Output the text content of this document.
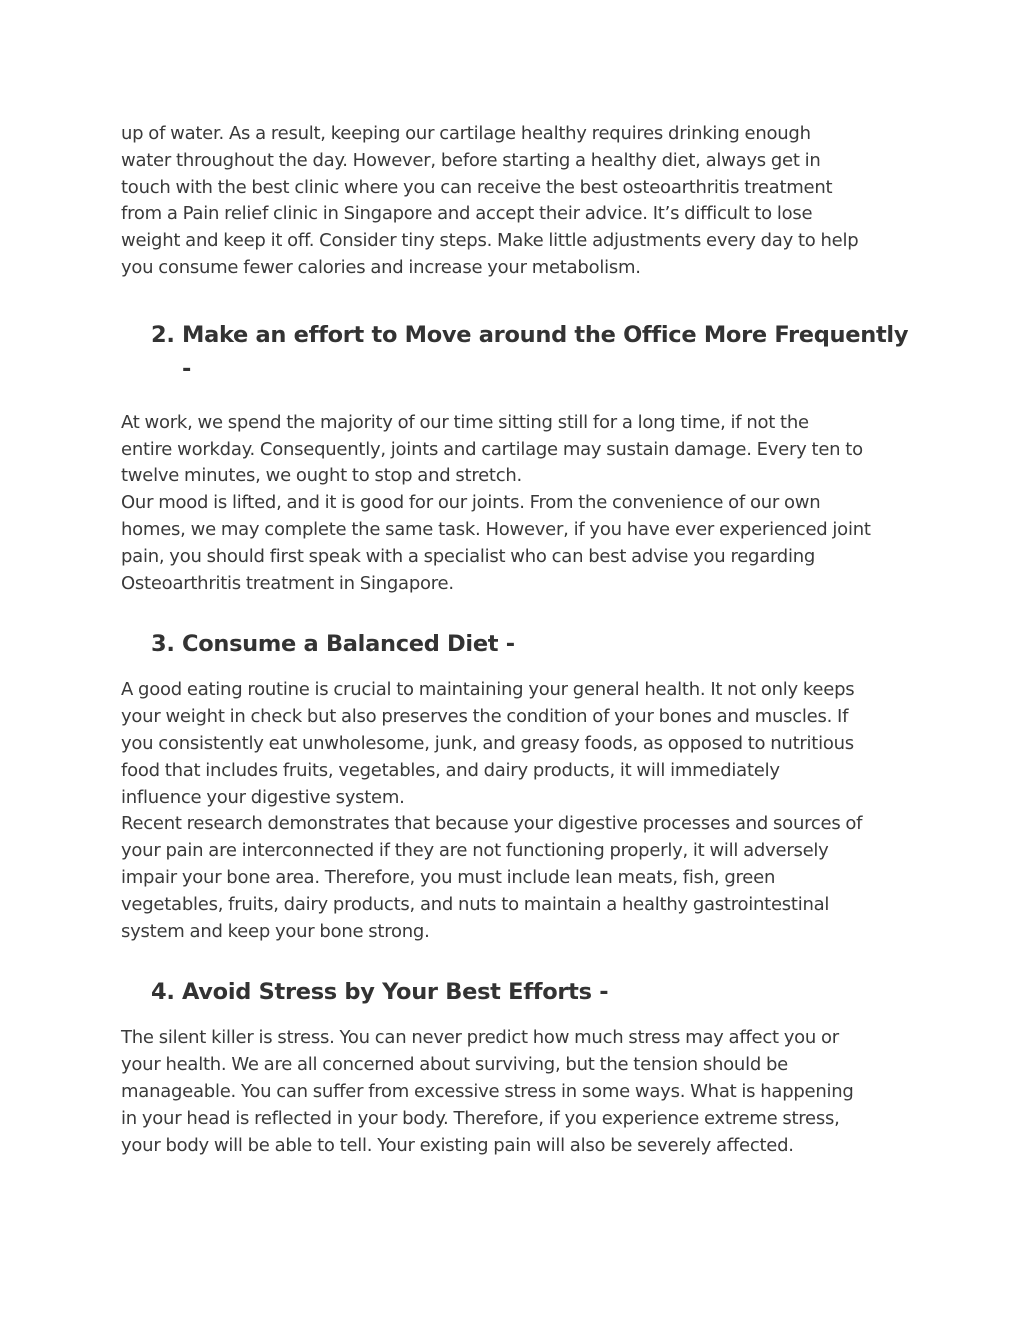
up of water. As a result, keeping our cartilage healthy requires drinking enough
water throughout the day. However, before starting a healthy diet, always get in
touch with the best clinic where you can receive the best osteoarthritis treatment
from a Pain relief clinic in Singapore and accept their advice. It’s difficult to lose
weight and keep it off. Consider tiny steps. Make little adjustments every day to help
you consume fewer calories and increase your metabolism.

2. Make an effort to Move around the Office More Frequently
-

At work, we spend the majority of our time sitting still for a long time, if not the
entire workday. Consequently, joints and cartilage may sustain damage. Every ten to
twelve minutes, we ought to stop and stretch.
Our mood is lifted, and it is good for our joints. From the convenience of our own
homes, we may complete the same task. However, if you have ever experienced joint
pain, you should first speak with a specialist who can best advise you regarding
Osteoarthritis treatment in Singapore.

3. Consume a Balanced Diet -

A good eating routine is crucial to maintaining your general health. It not only keeps
your weight in check but also preserves the condition of your bones and muscles. If
you consistently eat unwholesome, junk, and greasy foods, as opposed to nutritious
food that includes fruits, vegetables, and dairy products, it will immediately
influence your digestive system.
Recent research demonstrates that because your digestive processes and sources of
your pain are interconnected if they are not functioning properly, it will adversely
impair your bone area. Therefore, you must include lean meats, fish, green
vegetables, fruits, dairy products, and nuts to maintain a healthy gastrointestinal
system and keep your bone strong.

4. Avoid Stress by Your Best Efforts -

The silent killer is stress. You can never predict how much stress may affect you or
your health. We are all concerned about surviving, but the tension should be
manageable. You can suffer from excessive stress in some ways. What is happening
in your head is reflected in your body. Therefore, if you experience extreme stress,
your body will be able to tell. Your existing pain will also be severely affected.
